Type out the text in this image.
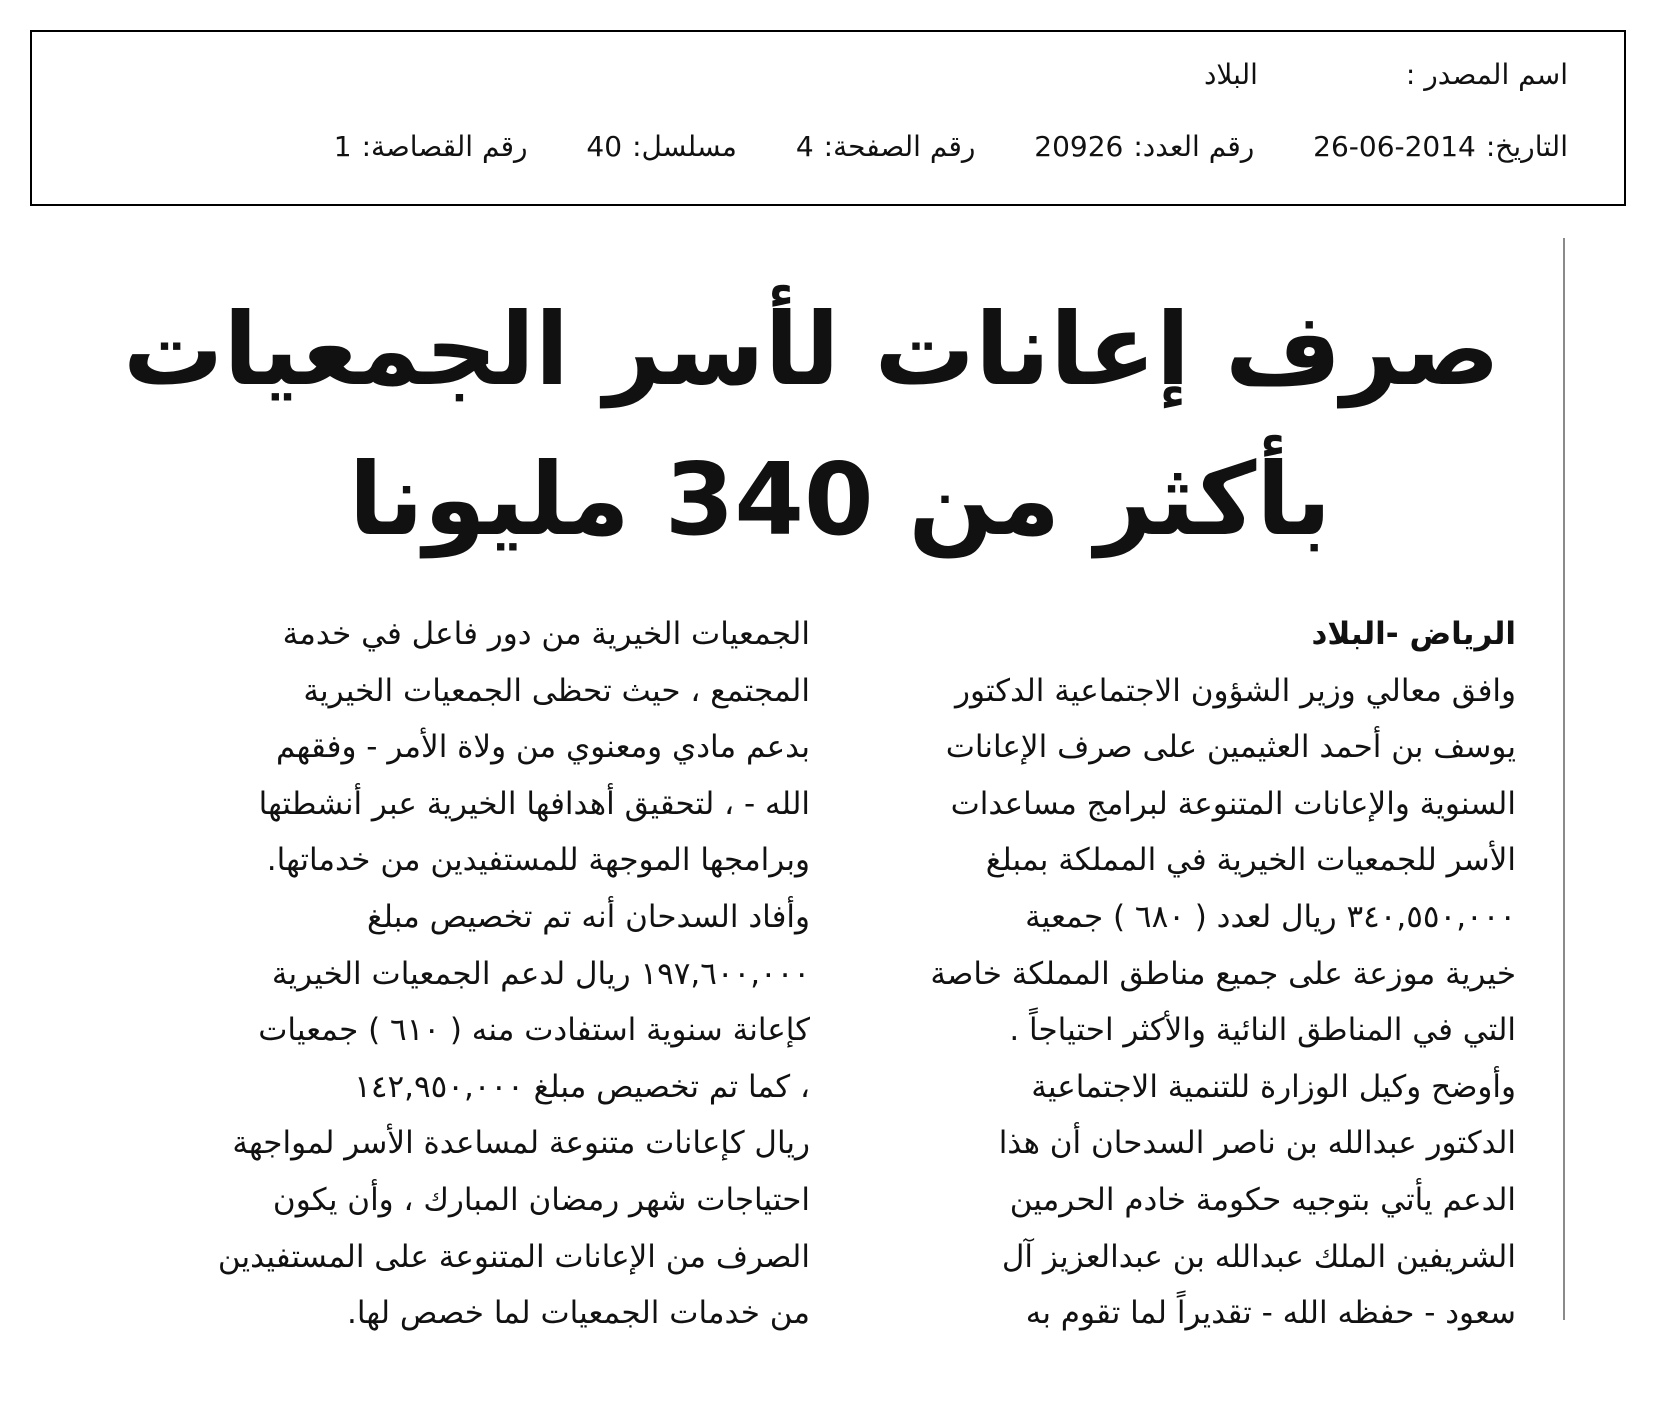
اسم المصدر :البلاد
التاريخ:26-06-2014 رقم العدد:20926 رقم الصفحة:4 مسلسل:40 رقم القصاصة:1
صرف إعانات لأسر الجمعيات
بأكثر من 340 مليونا
الرياض -البلاد
وافق معالي وزير الشؤون الاجتماعية الدكتور
يوسف بن أحمد العثيمين على صرف الإعانات
السنوية والإعانات المتنوعة لبرامج مساعدات
الأسر للجمعيات الخيرية في المملكة بمبلغ
٣٤٠,٥٥٠,٠٠٠ ريال لعدد ( ٦٨٠ ) جمعية
خيرية موزعة على جميع مناطق المملكة خاصة
التي في المناطق النائية والأكثر احتياجاً .
وأوضح وكيل الوزارة للتنمية الاجتماعية
الدكتور عبدالله بن ناصر السدحان أن هذا
الدعم يأتي بتوجيه حكومة خادم الحرمين
الشريفين الملك عبدالله بن عبدالعزيز آل
سعود - حفظه الله - تقديراً لما تقوم به
الجمعيات الخيرية من دور فاعل في خدمة
المجتمع ، حيث تحظى الجمعيات الخيرية
بدعم مادي ومعنوي من ولاة الأمر - وفقهم
الله - ، لتحقيق أهدافها الخيرية عبر أنشطتها
وبرامجها الموجهة للمستفيدين من خدماتها.
وأفاد السدحان أنه تم تخصيص مبلغ
١٩٧,٦٠٠,٠٠٠ ريال لدعم الجمعيات الخيرية
كإعانة سنوية استفادت منه ( ٦١٠ ) جمعيات
، كما تم تخصيص مبلغ ١٤٢,٩٥٠,٠٠٠
ريال كإعانات متنوعة لمساعدة الأسر لمواجهة
احتياجات شهر رمضان المبارك ، وأن يكون
الصرف من الإعانات المتنوعة على المستفيدين
من خدمات الجمعيات لما خصص لها.
